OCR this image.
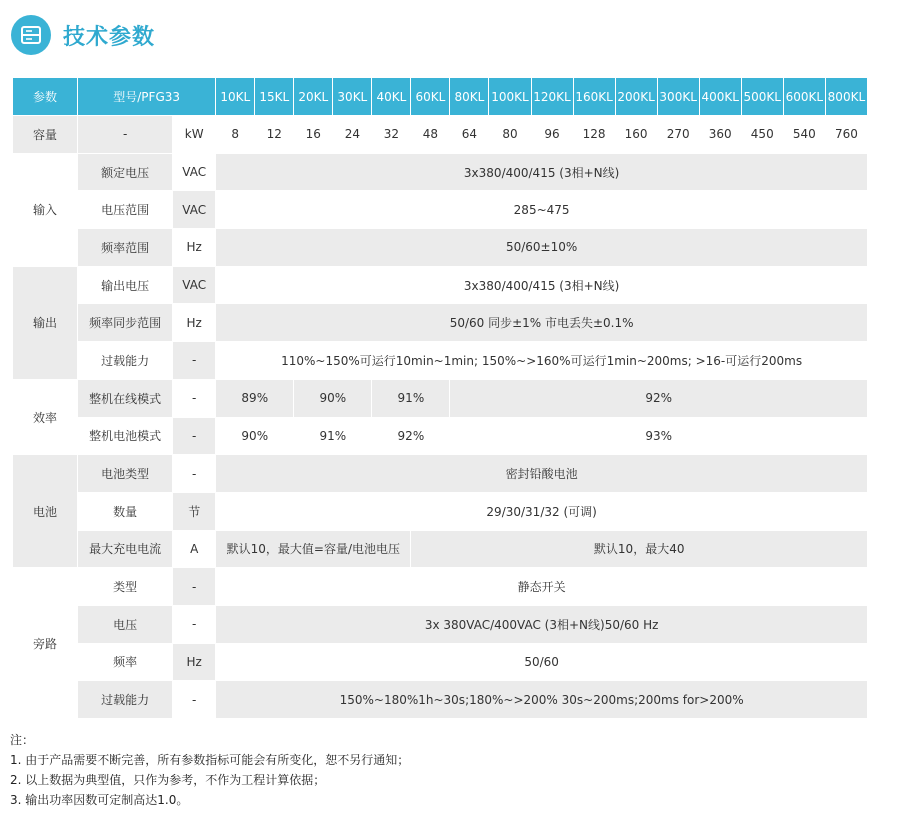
技术参数
参数	型号/PFG33		10KL	15KL	20KL	30KL	40KL	60KL	80KL	100KL	120KL	160KL	200KL	300KL	400KL	500KL	600KL	800KL
容量	-	kW	8	12	16	24	32	48	64	80	96	128	160	270	360	450	540	760
输入	额定电压	VAC	3x380/400/415 (3相+N线)															
	电压范围	VAC	285~475															
	频率范围	Hz	50/60±10%															
输出	输出电压	VAC	3x380/400/415 (3相+N线)															
	频率同步范围	Hz	50/60 同步±1% 市电丢失±0.1%															
	过载能力	-	110%~150%可运行10min~1min; 150%~>160%可运行1min~200ms; >16-可运行200ms															
效率	整机在线模式	-	89%		90%		91%		92%									
	整机电池模式	-	90%		91%		92%		93%									
电池	电池类型	-	密封铅酸电池															
	数量	节	29/30/31/32 (可调)															
	最大充电电流	A	默认10，最大值=容量/电池电压					默认10，最大40										
旁路	类型	-	静态开关															
	电压	-	3x 380VAC/400VAC (3相+N线)50/60 Hz															
	频率	Hz	50/60															
	过载能力	-	150%~180%1h~30s;180%~>200% 30s~200ms;200ms for>200%															
注：
1. 由于产品需要不断完善，所有参数指标可能会有所变化，恕不另行通知；
2. 以上数据为典型值，只作为参考，不作为工程计算依据；
3. 输出功率因数可定制高达1.0。
